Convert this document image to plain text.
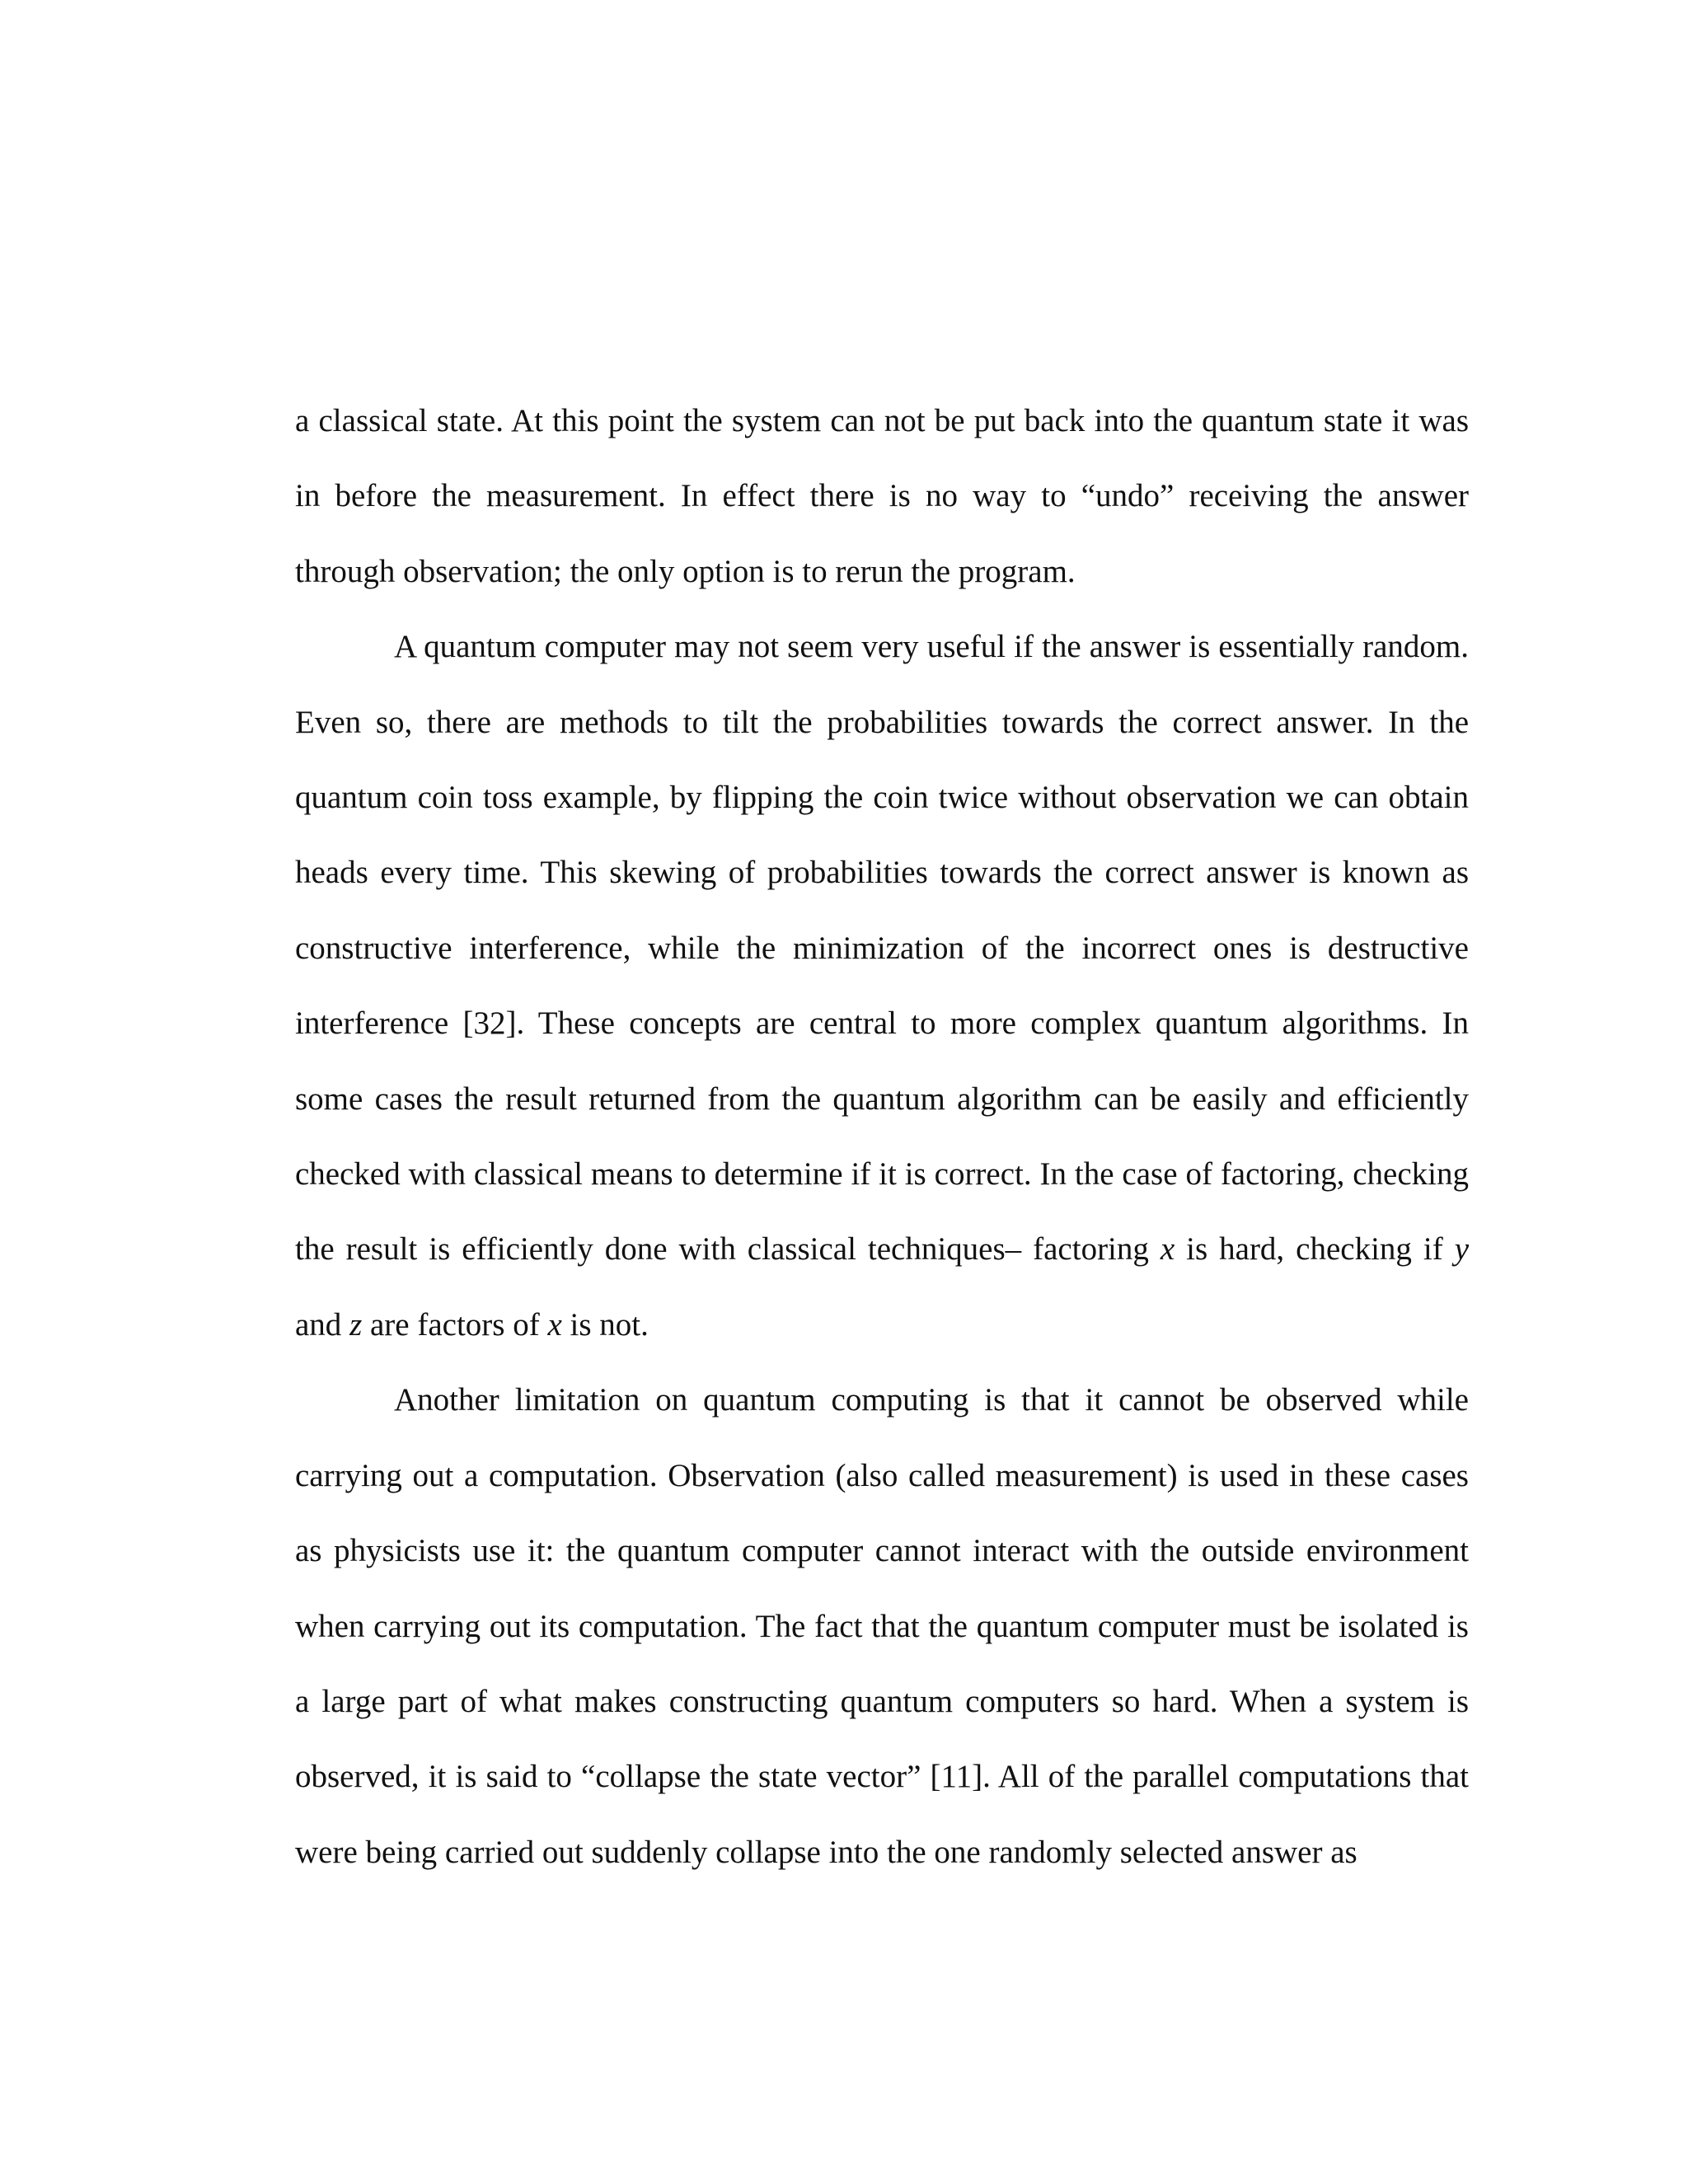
a classical state. At this point the system can not be put back into the quantum state it was in before the measurement. In effect there is no way to “undo” receiving the answer through observation; the only option is to rerun the program.

A quantum computer may not seem very useful if the answer is essentially random. Even so, there are methods to tilt the probabilities towards the correct answer. In the quantum coin toss example, by flipping the coin twice without observation we can obtain heads every time. This skewing of probabilities towards the correct answer is known as constructive interference, while the minimization of the incorrect ones is destructive interference [32]. These concepts are central to more complex quantum algorithms. In some cases the result returned from the quantum algorithm can be easily and efficiently checked with classical means to determine if it is correct. In the case of factoring, checking the result is efficiently done with classical techniques– factoring x is hard, checking if y and z are factors of x is not.

Another limitation on quantum computing is that it cannot be observed while carrying out a computation. Observation (also called measurement) is used in these cases as physicists use it: the quantum computer cannot interact with the outside environment when carrying out its computation. The fact that the quantum computer must be isolated is a large part of what makes constructing quantum computers so hard. When a system is observed, it is said to “collapse the state vector” [11]. All of the parallel computations that were being carried out suddenly collapse into the one randomly selected answer as
